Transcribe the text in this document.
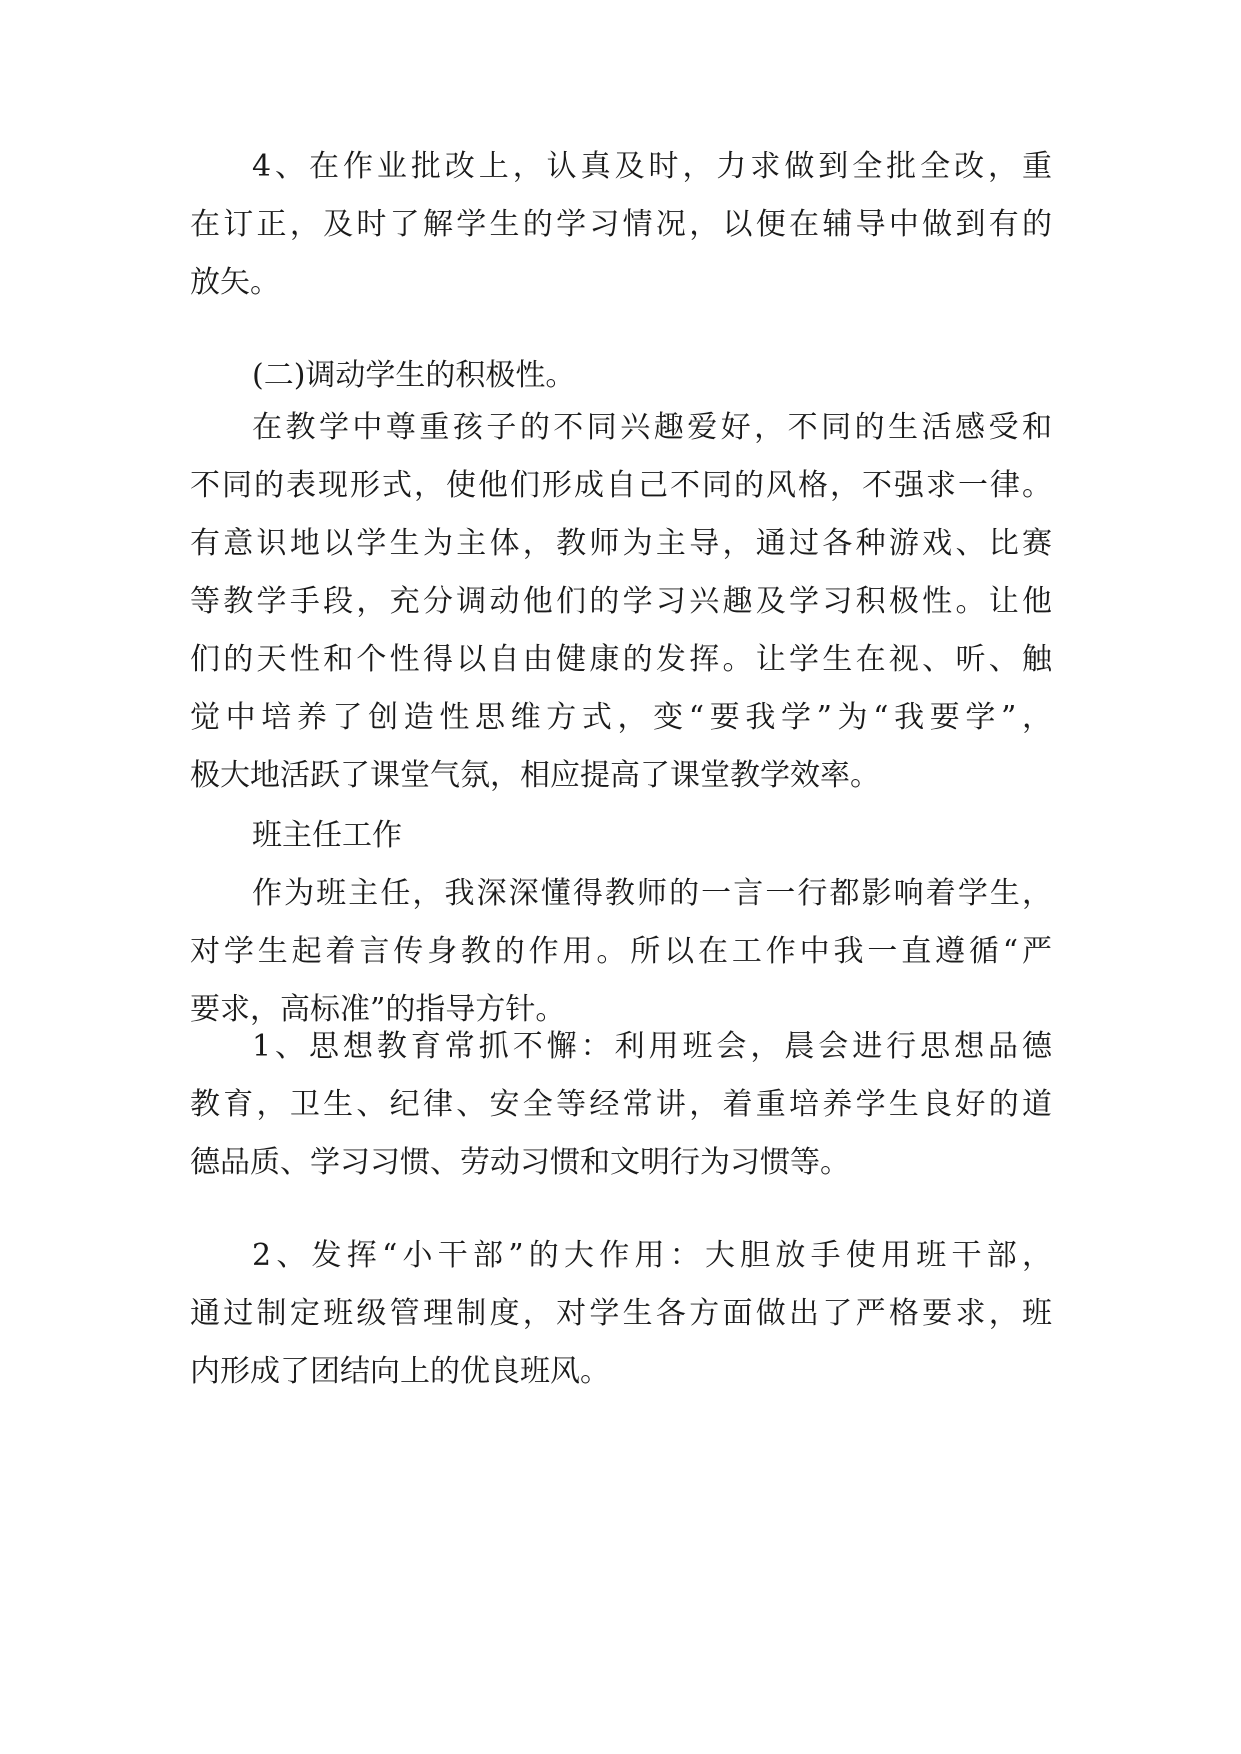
4、在作业批改上，认真及时，力求做到全批全改，重
在订正，及时了解学生的学习情况，以便在辅导中做到有的
放矢。
(二)调动学生的积极性。
在教学中尊重孩子的不同兴趣爱好，不同的生活感受和
不同的表现形式，使他们形成自己不同的风格，不强求一律。
有意识地以学生为主体，教师为主导，通过各种游戏、比赛
等教学手段，充分调动他们的学习兴趣及学习积极性。让他
们的天性和个性得以自由健康的发挥。让学生在视、听、触
觉中培养了创造性思维方式，变“要我学”为“我要学”，
极大地活跃了课堂气氛，相应提高了课堂教学效率。
班主任工作
作为班主任，我深深懂得教师的一言一行都影响着学生，
对学生起着言传身教的作用。所以在工作中我一直遵循“严
要求，高标准”的指导方针。
1、思想教育常抓不懈：利用班会，晨会进行思想品德
教育，卫生、纪律、安全等经常讲，着重培养学生良好的道
德品质、学习习惯、劳动习惯和文明行为习惯等。
2、发挥“小干部”的大作用：大胆放手使用班干部，
通过制定班级管理制度，对学生各方面做出了严格要求，班
内形成了团结向上的优良班风。
